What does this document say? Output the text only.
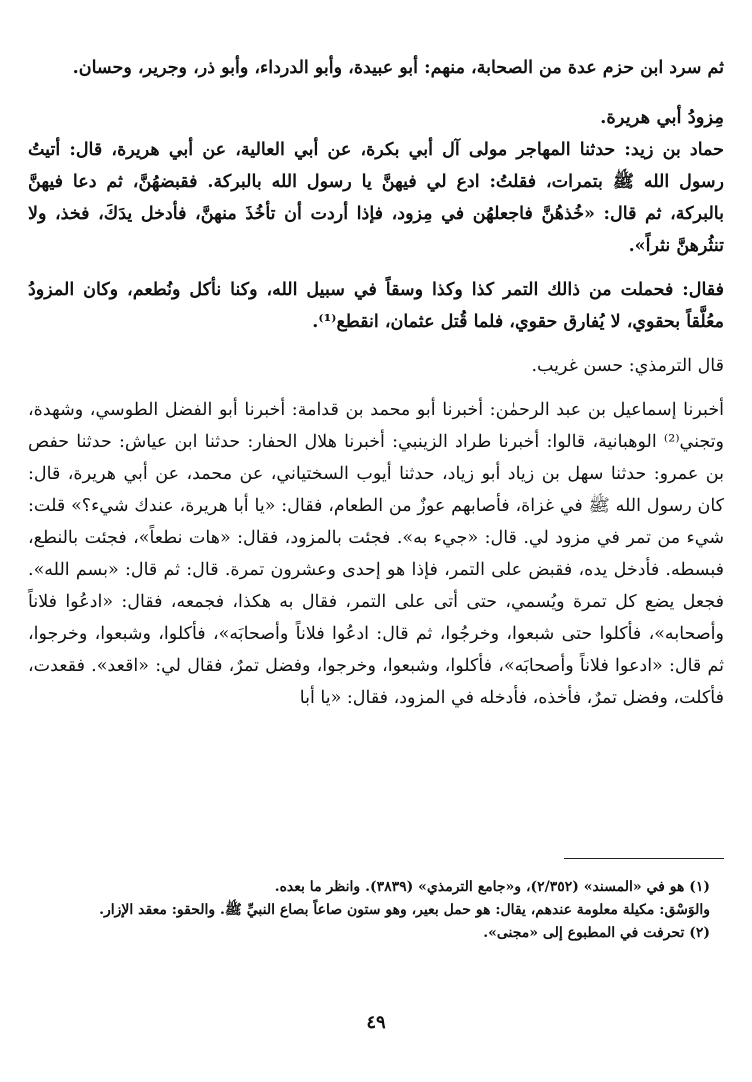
ثم سرد ابن حزم عدة من الصحابة، منهم: أبو عبيدة، وأبو الدرداء، وأبو ذر، وجرير، وحسان.

مِزودُ أبي هريرة.

حماد بن زيد: حدثنا المهاجر مولى آل أبي بكرة، عن أبي العالية، عن أبي هريرة، قال: أتيتُ رسول الله ﷺ بتمرات، فقلتُ: ادع لي فيهنَّ يا رسول الله بالبركة. فقبضهُنَّ، ثم دعا فيهنَّ بالبركة، ثم قال: «خُذهُنَّ فاجعلهُن في مِزود، فإذا أردت أن تأخُذَ منهنَّ، فأدخل يدَكَ، فخذ، ولا تنثُرهنَّ نثراً».

فقال: فحملت من ذالك التمر كذا وكذا وسقاً في سبيل الله، وكنا نأكل ونُطعم، وكان المزودُ معُلَّقاً بحقوي، لا يُفارق حقوي، فلما قُتل عثمان، انقطع⁽¹⁾.

قال الترمذي: حسن غريب.

أخبرنا إسماعيل بن عبد الرحمٰن: أخبرنا أبو محمد بن قدامة: أخبرنا أبو الفضل الطوسي، وشهدة، وتجني⁽²⁾ الوهبانية، قالوا: أخبرنا طراد الزينبي: أخبرنا هلال الحفار: حدثنا ابن عياش: حدثنا حفص بن عمرو: حدثنا سهل بن زياد أبو زياد، حدثنا أيوب السختياني، عن محمد، عن أبي هريرة، قال: كان رسول الله ﷺ في غزاة، فأصابهم عوزٌ من الطعام، فقال: «يا أبا هريرة، عندك شيء؟» قلت: شيء من تمر في مزود لي. قال: «جيء به». فجئت بالمزود، فقال: «هات نطعاً»، فجئت بالنطع، فبسطه. فأدخل يده، فقبض على التمر، فإذا هو إحدى وعشرون تمرة. قال: ثم قال: «بسم الله». فجعل يضع كل تمرة ويُسمي، حتى أتى على التمر، فقال به هكذا، فجمعه، فقال: «ادعُوا فلاناً وأصحابه»، فأكلوا حتى شبعوا، وخرجُوا، ثم قال: ادعُوا فلاناً وأصحابَه»، فأكلوا، وشبعوا، وخرجوا، ثم قال: «ادعوا فلاناً وأصحابَه»، فأكلوا، وشبعوا، وخرجوا، وفضل تمرٌ، فقال لي: «اقعد». فقعدت، فأكلت، وفضل تمرٌ، فأخذه، فأدخله في المزود، فقال: «يا أبا

(١) هو في «المسند» (٢/٣٥٢)، و«جامع الترمذي» (٣٨٣٩). وانظر ما بعده.

والوَسْق: مكيلة معلومة عندهم، يقال: هو حمل بعير، وهو ستون صاعاً بصاع النبيِّ ﷺ. والحقو: معقد الإزار.

(٢) تحرفت في المطبوع إلى «مجنى».

٤٩
